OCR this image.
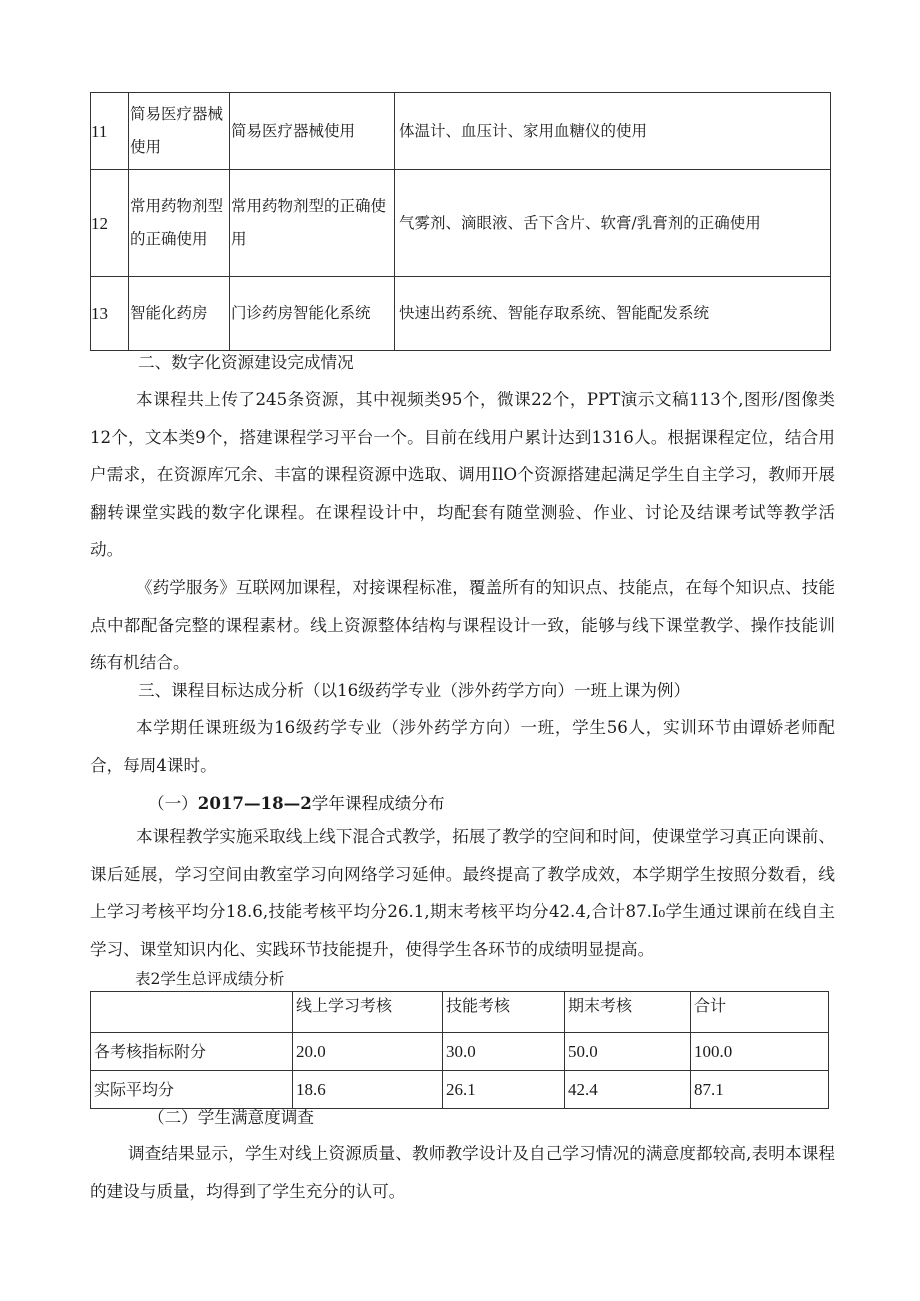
11	简易医疗器械使用	简易医疗器械使用	体温计、血压计、家用血糖仪的使用
12	常用药物剂型的正确使用	常用药物剂型的正确使用	气雾剂、滴眼液、舌下含片、软膏/乳膏剂的正确使用
13	智能化药房	门诊药房智能化系统	快速出药系统、智能存取系统、智能配发系统
二、数字化资源建设完成情况
本课程共上传了245条资源，其中视频类95个，微课22个，PPT演示文稿113个,图形/图像类12个，文本类9个，搭建课程学习平台一个。目前在线用户累计达到1316人。根据课程定位，结合用户需求，在资源库冗余、丰富的课程资源中选取、调用IlO个资源搭建起满足学生自主学习，教师开展翻转课堂实践的数字化课程。在课程设计中，均配套有随堂测验、作业、讨论及结课考试等教学活动。
《药学服务》互联网加课程，对接课程标准，覆盖所有的知识点、技能点，在每个知识点、技能点中都配备完整的课程素材。线上资源整体结构与课程设计一致，能够与线下课堂教学、操作技能训练有机结合。
三、课程目标达成分析（以16级药学专业（涉外药学方向）一班上课为例）
本学期任课班级为16级药学专业（涉外药学方向）一班，学生56人，实训环节由谭娇老师配合，每周4课时。
（一）2017—18—2学年课程成绩分布
本课程教学实施采取线上线下混合式教学，拓展了教学的空间和时间，使课堂学习真正向课前、课后延展，学习空间由教室学习向网络学习延伸。最终提高了教学成效，本学期学生按照分数看，线上学习考核平均分18.6,技能考核平均分26.1,期末考核平均分42.4,合计87.I₀学生通过课前在线自主学习、课堂知识内化、实践环节技能提升，使得学生各环节的成绩明显提高。
表2学生总评成绩分析
	线上学习考核	技能考核	期末考核	合计
各考核指标附分	20.0	30.0	50.0	100.0
实际平均分	18.6	26.1	42.4	87.1
（二）学生满意度调查
调查结果显示，学生对线上资源质量、教师教学设计及自己学习情况的满意度都较高,表明本课程的建设与质量，均得到了学生充分的认可。
